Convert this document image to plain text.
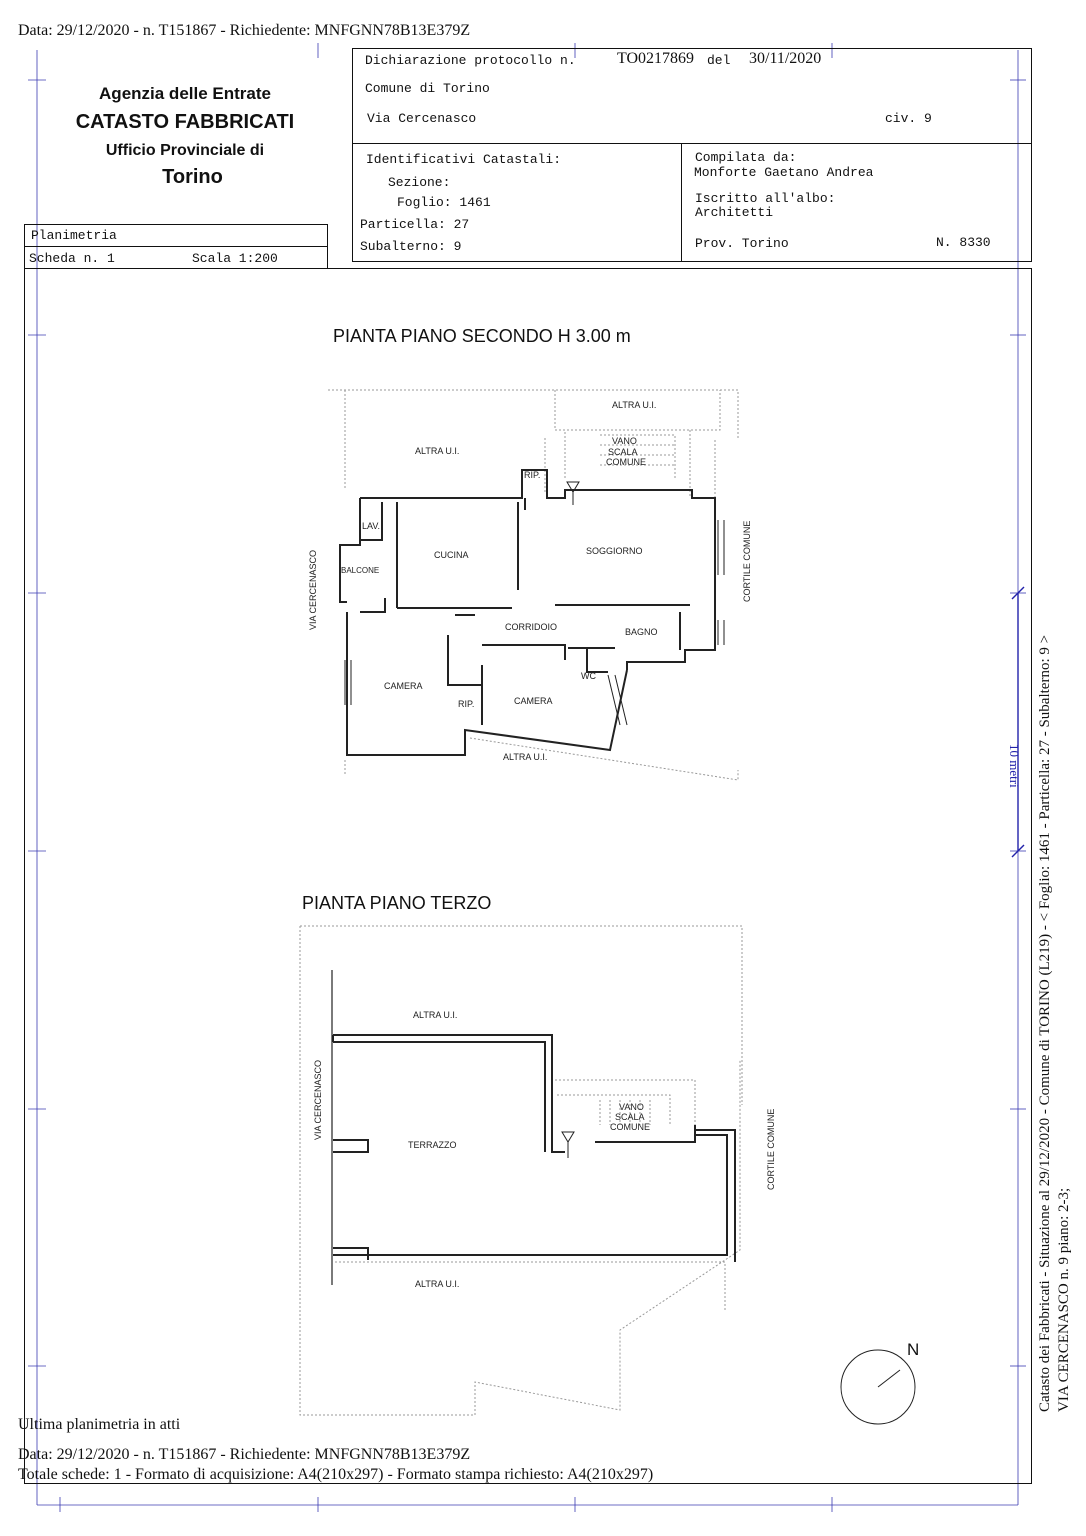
Data: 29/12/2020 - n. T151867 - Richiedente: MNFGNN78B13E379Z
10 metri
Agenzia delle Entrate
CATASTO FABBRICATI
Ufficio Provinciale di
Torino
Planimetria
Scheda n. 1	Scala 1:200
Dichiarazione protocollo n.	TO0217869 del 30/11/2020
Comune di Torino
Via Cercenasco	civ. 9
Identificativi Catastali:
Sezione:
Foglio: 1461
Particella: 27
Subalterno: 9
Compilata da:
Monforte Gaetano Andrea
Iscritto all'albo:
Architetti
Prov. Torino	N. 8330
PIANTA PIANO SECONDO H 3.00 m
ALTRA U.I.
ALTRA U.I.
VANO
SCALA
COMUNE
RIP.
LAV.
CUCINA	SOGGIORNO
BALCONE
CORRIDOIO	BAGNO
CAMERA
CAMERA
WC
RIP.
ALTRA U.I.
VIA CERCENASCO	CORTILE COMUNE
PIANTA PIANO TERZO
ALTRA U.I.
VANO
SCALA
COMUNE
TERRAZZO
ALTRA U.I.
VIA CERCENASCO
CORTILE COMUNE
N	Catasto dei Fabbricati - Situazione al 29/12/2020 - Comune di TORINO (L219) - < Foglio: 1461 - Particella: 27 - Subalterno: 9 > VIA CERCENASCO n. 9 piano: 2-3;
Ultima planimetria in atti
Data: 29/12/2020 - n. T151867 - Richiedente: MNFGNN78B13E379Z
Totale schede: 1 - Formato di acquisizione: A4(210x297) - Formato stampa richiesto: A4(210x297)
